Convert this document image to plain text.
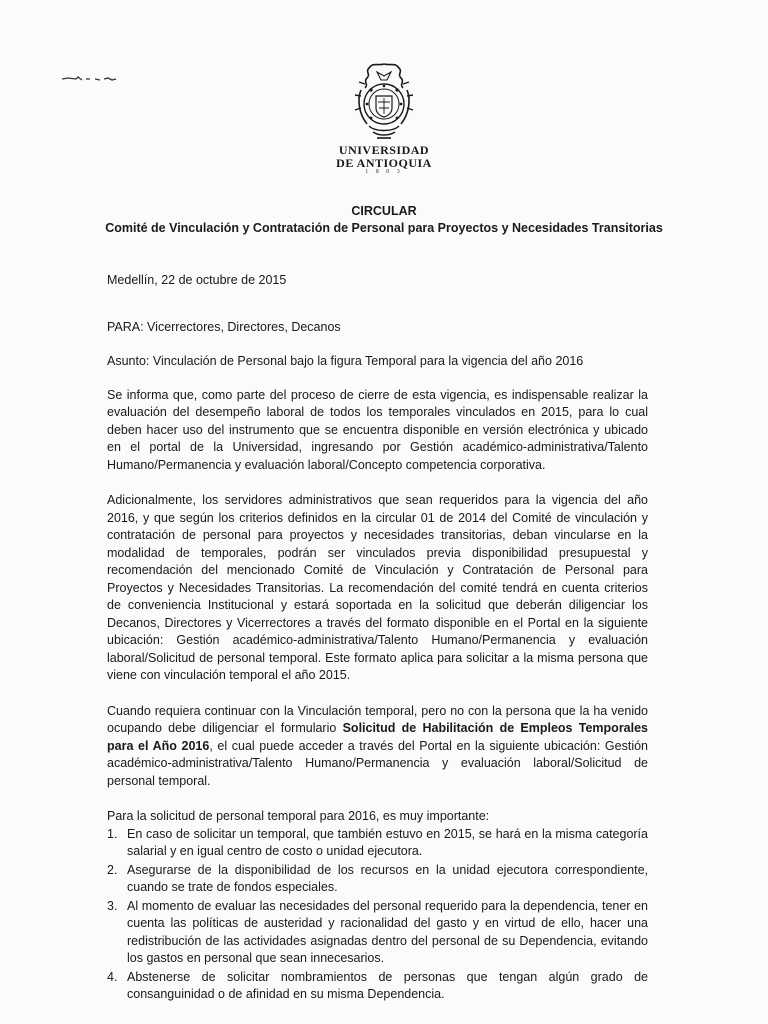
UNIVERSIDAD
DE ANTIOQUIA
1 8 0 3
CIRCULAR
Comité de Vinculación y Contratación de Personal para Proyectos y Necesidades Transitorias

Medellín, 22 de octubre de 2015

PARA: Vicerrectores, Directores, Decanos

Asunto: Vinculación de Personal bajo la figura Temporal para la vigencia del año 2016

Se informa que, como parte del proceso de cierre de esta vigencia, es indispensable realizar la evaluación del desempeño laboral de todos los temporales vinculados en 2015, para lo cual deben hacer uso del instrumento que se encuentra disponible en versión electrónica y ubicado en el portal de la Universidad, ingresando por Gestión académico-administrativa/Talento Humano/Permanencia y evaluación laboral/Concepto competencia corporativa.

Adicionalmente, los servidores administrativos que sean requeridos para la vigencia del año 2016, y que según los criterios definidos en la circular 01 de 2014 del Comité de vinculación y contratación de personal para proyectos y necesidades transitorias, deban vincularse en la modalidad de temporales, podrán ser vinculados previa disponibilidad presupuestal y recomendación del mencionado Comité de Vinculación y Contratación de Personal para Proyectos y Necesidades Transitorias. La recomendación del comité tendrá en cuenta criterios de conveniencia Institucional y estará soportada en la solicitud que deberán diligenciar los Decanos, Directores y Vicerrectores a través del formato disponible en el Portal en la siguiente ubicación: Gestión académico-administrativa/Talento Humano/Permanencia y evaluación laboral/Solicitud de personal temporal. Este formato aplica para solicitar a la misma persona que viene con vinculación temporal el año 2015.

Cuando requiera continuar con la Vinculación temporal, pero no con la persona que la ha venido ocupando debe diligenciar el formulario Solicitud de Habilitación de Empleos Temporales para el Año 2016, el cual puede acceder a través del Portal en la siguiente ubicación: Gestión académico-administrativa/Talento Humano/Permanencia y evaluación laboral/Solicitud de personal temporal.

Para la solicitud de personal temporal para 2016, es muy importante:

1. En caso de solicitar un temporal, que también estuvo en 2015, se hará en la misma categoría salarial y en igual centro de costo o unidad ejecutora.
2. Asegurarse de la disponibilidad de los recursos en la unidad ejecutora correspondiente, cuando se trate de fondos especiales.
3. Al momento de evaluar las necesidades del personal requerido para la dependencia, tener en cuenta las políticas de austeridad y racionalidad del gasto y en virtud de ello, hacer una redistribución de las actividades asignadas dentro del personal de su Dependencia, evitando los gastos en personal que sean innecesarios.
4. Abstenerse de solicitar nombramientos de personas que tengan algún grado de consanguinidad o de afinidad en su misma Dependencia.
